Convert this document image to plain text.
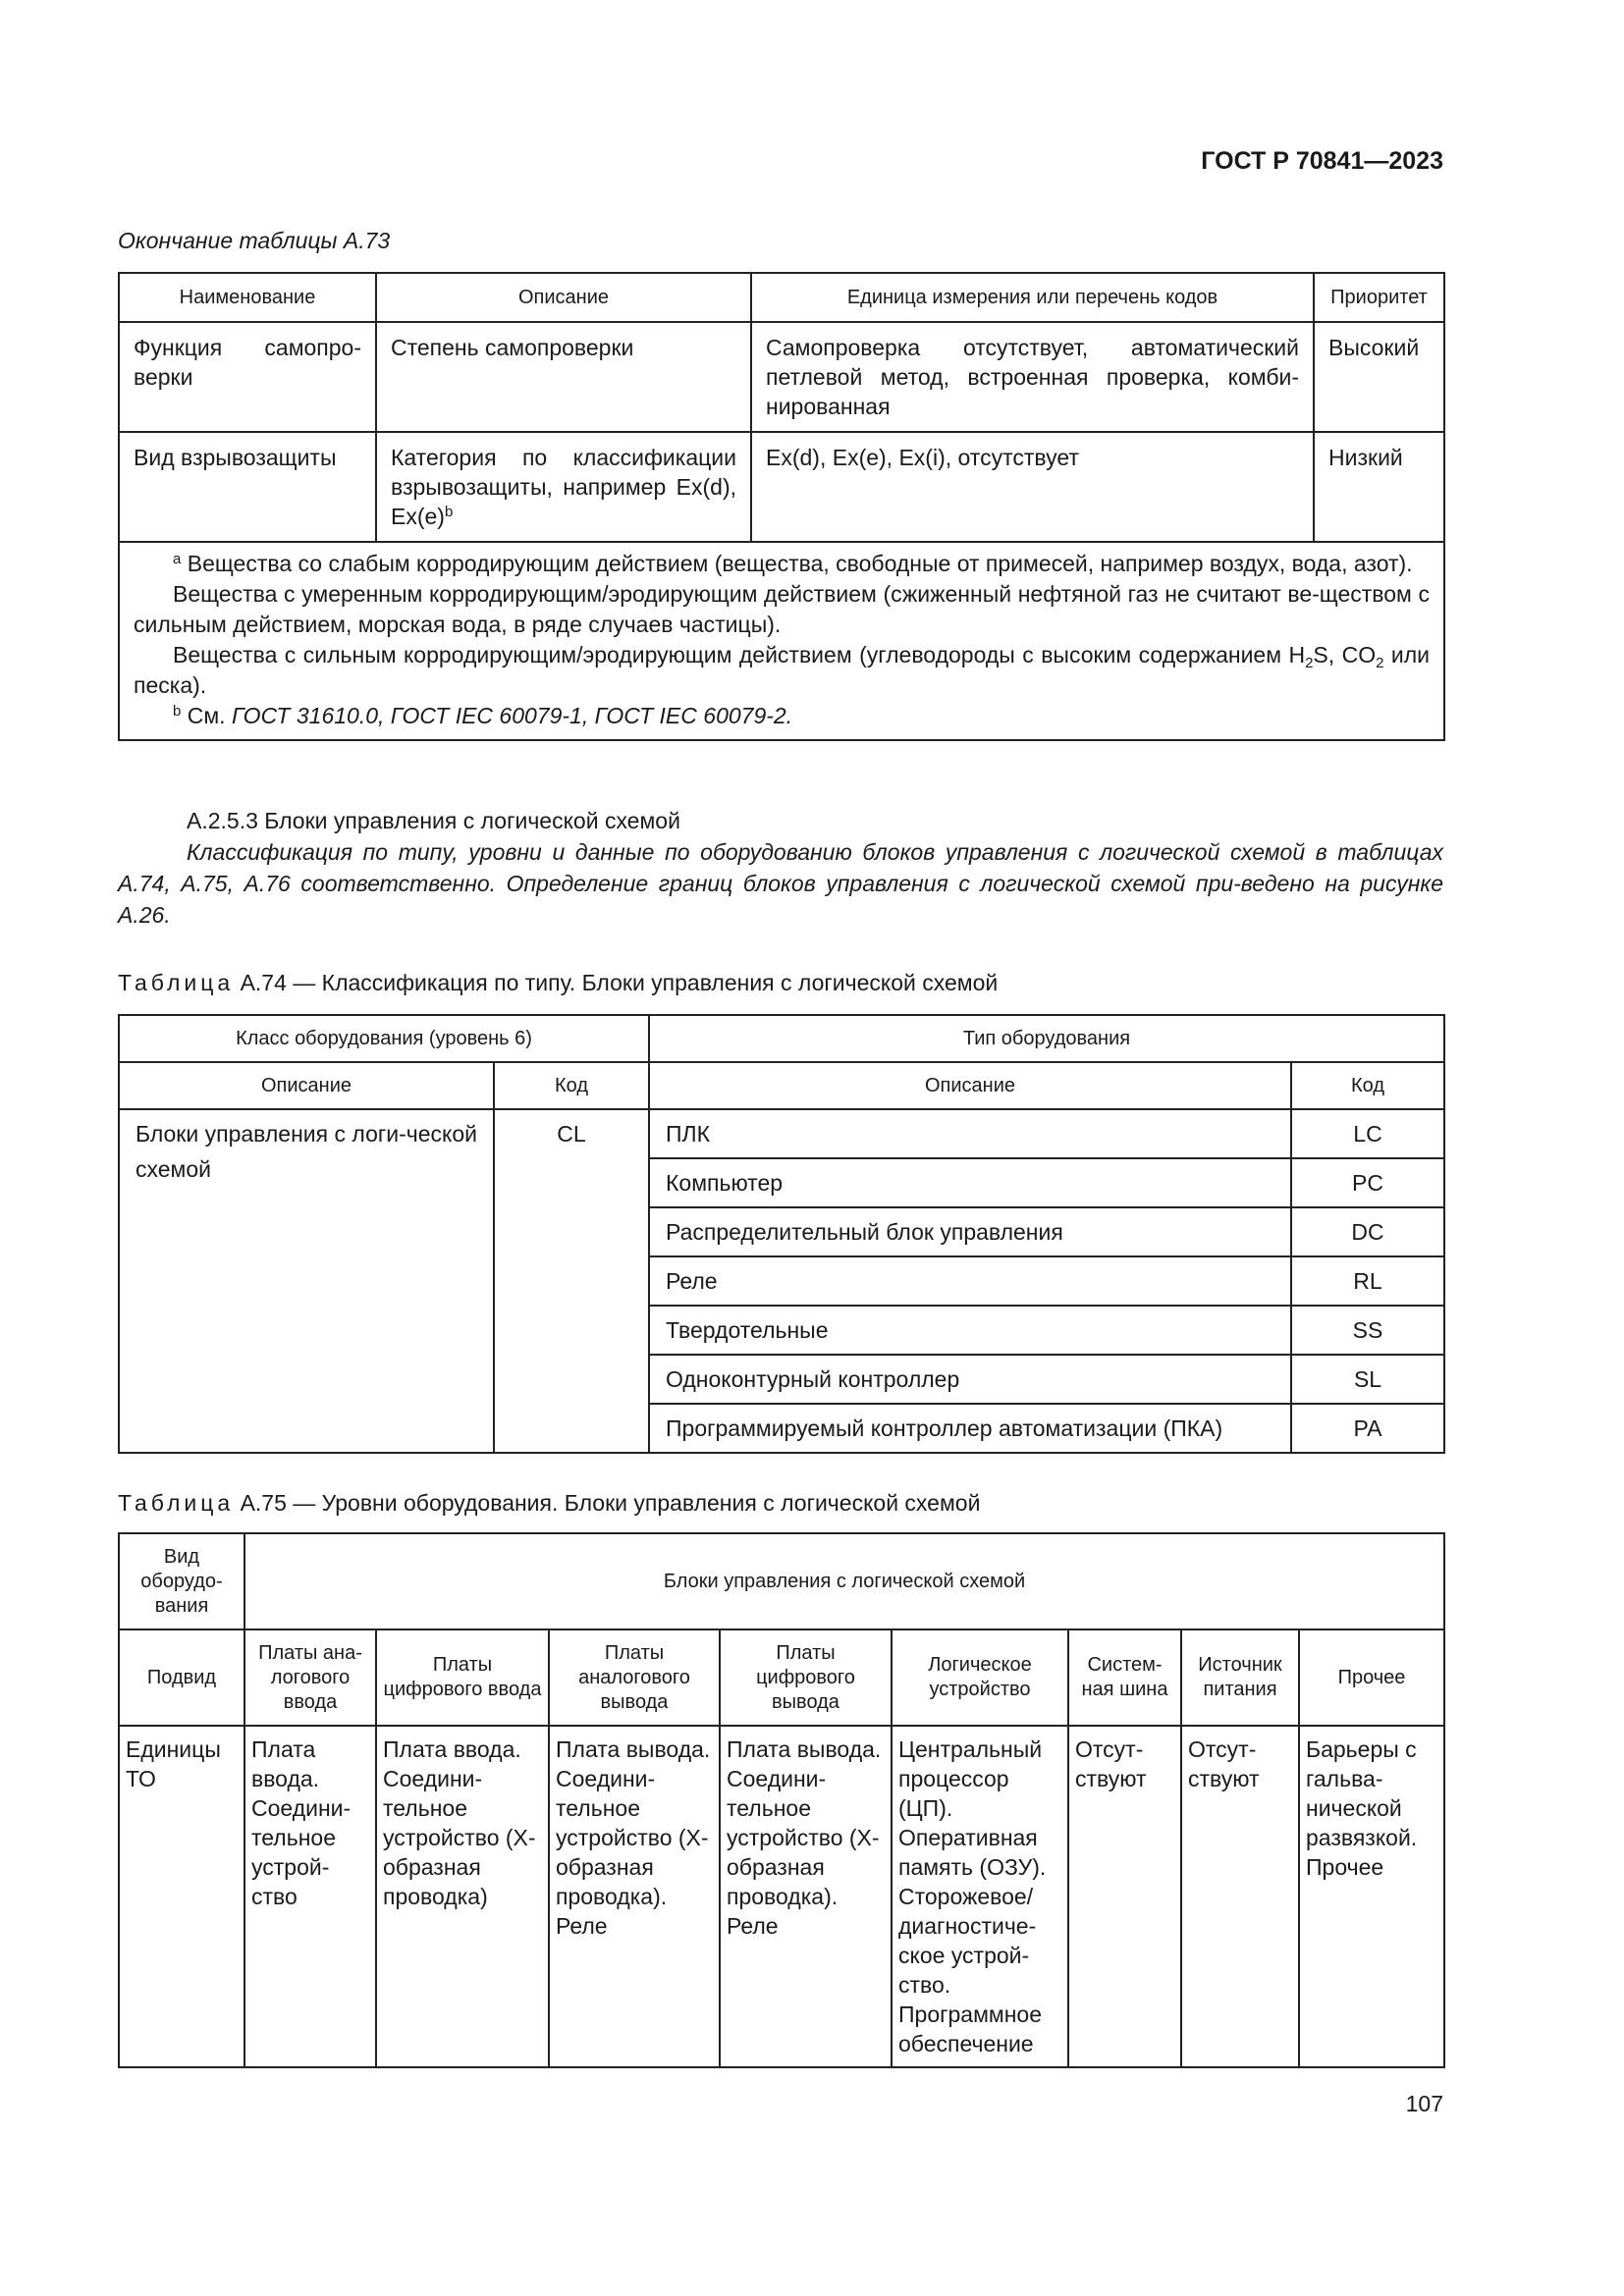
ГОСТ Р 70841—2023
Окончание таблицы А.73
Наименование	Описание	Единица измерения или перечень кодов	Приоритет
Функция самопро-верки	Степень самопроверки	Самопроверка отсутствует, автоматический петлевой метод, встроенная проверка, комби-нированная	Высокий
Вид взрывозащиты	Категория по классификации взрывозащиты, например Ex(d), $Ex(e)^b$	Ex(d), Ex(e), Ex(i), отсутствует	Низкий

$^a$ Вещества со слабым корродирующим действием (вещества, свободные от примесей, например воздух, вода, азот).

Вещества с умеренным корродирующим/эродирующим действием (сжиженный нефтяной газ не считают ве-ществом с сильным действием, морская вода, в ряде случаев частицы).

Вещества с сильным корродирующим/эродирующим действием (углеводороды с высоким содержанием $H_2S$, $CO_2$ или песка).

$^b$ См. ГОСТ 31610.0, ГОСТ IEC 60079-1, ГОСТ IEC 60079-2.			

А.2.5.3 Блоки управления с логической схемой

Классификация по типу, уровни и данные по оборудованию блоков управления с логической схемой в таблицах А.74, А.75, А.76 соответственно. Определение границ блоков управления с логической схемой при-ведено на рисунке А.26.

Таблица А.74 — Классификация по типу. Блоки управления с логической схемой
Класс оборудования (уровень 6)		Тип оборудования	
Описание	Код	Описание	Код
Блоки управления с логи-ческой схемой	CL	ПЛК	LC
		Компьютер	PC
		Распределительный блок управления	DC
		Реле	RL
		Твердотельные	SS
		Одноконтурный контроллер	SL
		Программируемый контроллер автоматизации (ПКА)	PA
Таблица А.75 — Уровни оборудования. Блоки управления с логической схемой
Вид оборудо-вания	Блоки управления с логической схемой							
Подвид	Платы ана-логового ввода	Платы цифрового ввода	Платы аналогового вывода	Платы цифрового вывода	Логическое устройство	Систем-ная шина	Источник питания	Прочее
Единицы ТО	Плата ввода. Соедини-тельное устрой-ство	Плата ввода. Соедини-тельное устройство (Х-образная проводка)	Плата вывода. Соедини-тельное устройство (Х-образная проводка). Реле	Плата вывода. Соедини-тельное устройство (Х-образная проводка). Реле	Центральный процессор (ЦП). Оперативная память (ОЗУ). Сторожевое/ диагностиче-ское устрой-ство. Программное обеспечение	Отсут-ствуют	Отсут-ствуют	Барьеры с гальва-нической развязкой. Прочее
107
